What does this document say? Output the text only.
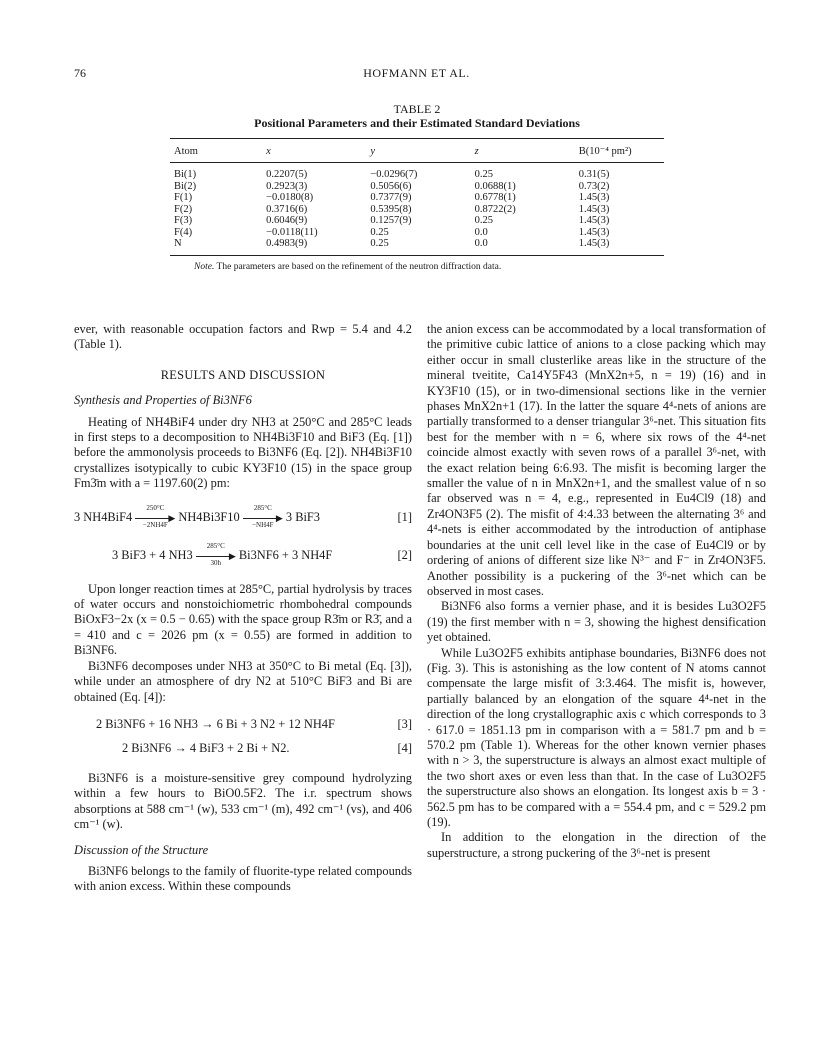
76	HOFMANN ET AL.
TABLE 2
Positional Parameters and their Estimated Standard Deviations
Atom	x	y	z	B(10⁻⁴ pm²)
Bi(1)	0.2207(5)	−0.0296(7)	0.25	0.31(5)
Bi(2)	0.2923(3)	0.5056(6)	0.0688(1)	0.73(2)
F(1)	−0.0180(8)	0.7377(9)	0.6778(1)	1.45(3)
F(2)	0.3716(6)	0.5395(8)	0.8722(2)	1.45(3)
F(3)	0.6046(9)	0.1257(9)	0.25	1.45(3)
F(4)	−0.0118(11)	0.25	0.0	1.45(3)
N	0.4983(9)	0.25	0.0	1.45(3)
Note. The parameters are based on the refinement of the neutron diffraction data.

ever, with reasonable occupation factors and Rwp = 5.4 and 4.2 (Table 1).

RESULTS AND DISCUSSION
Synthesis and Properties of Bi3NF6

Heating of NH4BiF4 under dry NH3 at 250°C and 285°C leads in first steps to a decomposition to NH4Bi3F10 and BiF3 (Eq. [1]) before the ammonolysis proceeds to Bi3NF6 (Eq. [2]). NH4Bi3F10 crystallizes isotypically to cubic KY3F10 (15) in the space group Fm3̄m with a = 1197.60(2) pm:

3 NH4BiF4
250°C
▶
−2NH4F
NH4Bi3F10
285°C
▶
−NH4F
3 BiF3	[1]
3 BiF3 + 4 NH3
285°C
▶
30h
Bi3NF6 + 3 NH4F	[2]

Upon longer reaction times at 285°C, partial hydrolysis by traces of water occurs and nonstoichiometric rhombohedral compounds BiOxF3−2x (x = 0.5 − 0.65) with the space group R3̄m or R3̄, and a = 410 and c = 2026 pm (x = 0.55) are formed in addition to Bi3NF6.

Bi3NF6 decomposes under NH3 at 350°C to Bi metal (Eq. [3]), while under an atmosphere of dry N2 at 510°C BiF3 and Bi are obtained (Eq. [4]):

2 Bi3NF6 + 16 NH3 → 6 Bi + 3 N2 + 12 NH4F	[3]
2 Bi3NF6 → 4 BiF3 + 2 Bi + N2.	[4]

Bi3NF6 is a moisture-sensitive grey compound hydrolyzing within a few hours to BiO0.5F2. The i.r. spectrum shows absorptions at 588 cm⁻¹ (w), 533 cm⁻¹ (m), 492 cm⁻¹ (vs), and 406 cm⁻¹ (w).

Discussion of the Structure

Bi3NF6 belongs to the family of fluorite-type related compounds with anion excess. Within these compounds

the anion excess can be accommodated by a local transformation of the primitive cubic lattice of anions to a close packing which may either occur in small clusterlike areas like in the structure of the mineral tveitite, Ca14Y5F43 (MnX2n+5, n = 19) (16) and in KY3F10 (15), or in two-dimensional sections like in the vernier phases MnX2n+1 (17). In the latter the square 4⁴-nets of anions are partially transformed to a denser triangular 3⁶-net. This situation fits best for the member with n = 6, where six rows of the 4⁴-net coincide almost exactly with seven rows of a parallel 3⁶-net, with the exact relation being 6:6.93. The misfit is becoming larger the smaller the value of n in MnX2n+1, and the smallest value of n so far observed was n = 4, e.g., represented in Eu4Cl9 (18) and Zr4ON3F5 (2). The misfit of 4:4.33 between the alternating 3⁶ and 4⁴-nets is either accommodated by the introduction of antiphase boundaries at the unit cell level like in the case of Eu4Cl9 or by ordering of anions of different size like N³⁻ and F⁻ in Zr4ON3F5. Another possibility is a puckering of the 3⁶-net which can be observed in most cases.

Bi3NF6 also forms a vernier phase, and it is besides Lu3O2F5 (19) the first member with n = 3, showing the highest densification yet obtained.

While Lu3O2F5 exhibits antiphase boundaries, Bi3NF6 does not (Fig. 3). This is astonishing as the low content of N atoms cannot compensate the large misfit of 3:3.464. The misfit is, however, partially balanced by an elongation of the square 4⁴-net in the direction of the long crystallographic axis c which corresponds to 3 · 617.0 = 1851.13 pm in comparison with a = 581.7 pm and b = 570.2 pm (Table 1). Whereas for the other known vernier phases with n > 3, the superstructure is always an almost exact multiple of the two short axes or even less than that. In the case of Lu3O2F5 the superstructure also shows an elongation. Its longest axis b = 3 · 562.5 pm has to be compared with a = 554.4 pm, and c = 529.2 pm (19).

In addition to the elongation in the direction of the superstructure, a strong puckering of the 3⁶-net is present
